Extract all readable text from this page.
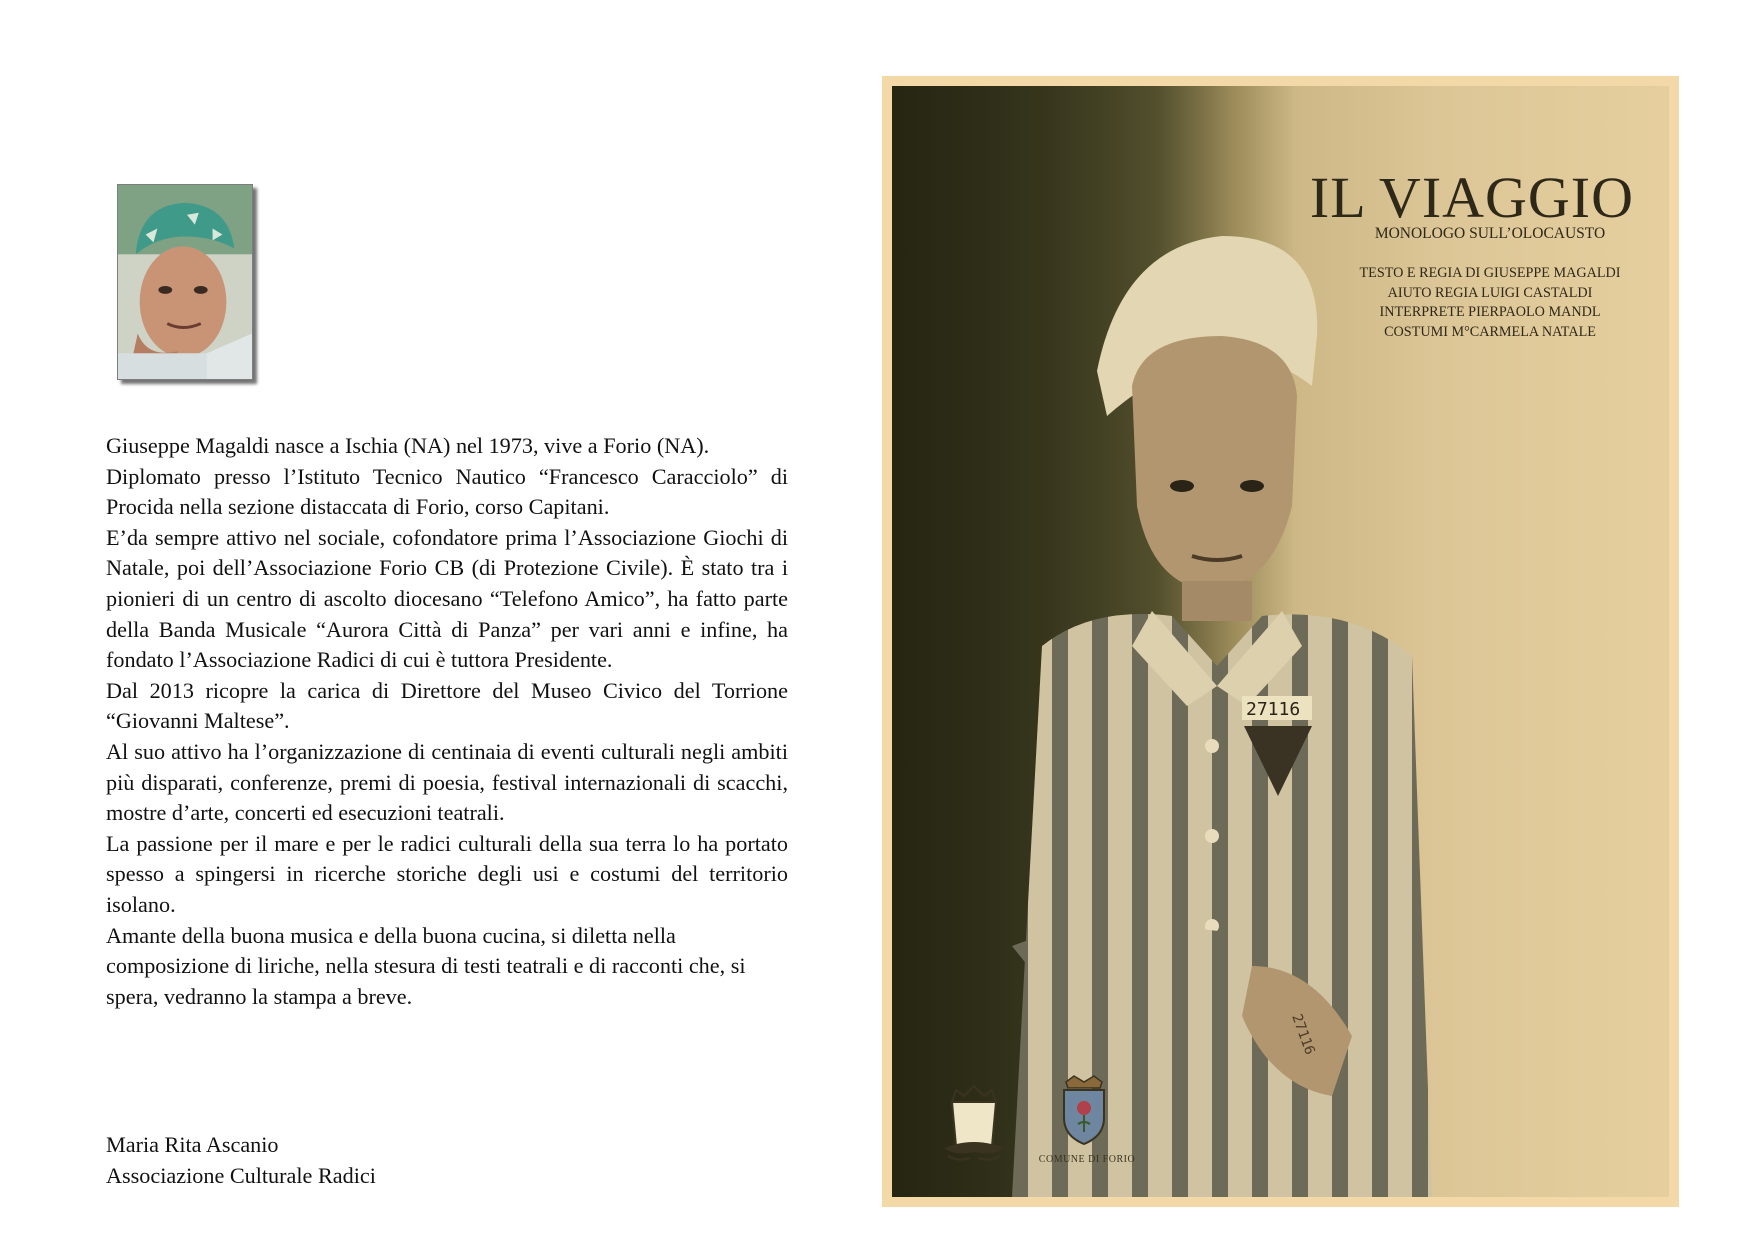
Giuseppe Magaldi nasce a Ischia (NA) nel 1973, vive a Forio (NA).

Diplomato presso l’Istituto Tecnico Nautico “Francesco Caracciolo” di Procida nella sezione distaccata di Forio, corso Capitani.

E’da sempre attivo nel sociale, cofondatore prima l’Associazione Giochi di Natale, poi dell’Associazione Forio CB (di Protezione Civile). È stato tra i pionieri di un centro di ascolto diocesano “Telefono Amico”, ha fatto parte della Banda Musicale “Aurora Città di Panza” per vari anni e infine, ha fondato l’Associazione Radici di cui è tuttora Presidente.

Dal 2013 ricopre la carica di Direttore del Museo Civico del Torrione “Giovanni Maltese”.

Al suo attivo ha l’organizzazione di centinaia di eventi culturali negli ambiti più disparati, conferenze, premi di poesia, festival internazionali di scacchi, mostre d’arte, concerti ed esecuzioni teatrali.

La passione per il mare e per le radici culturali della sua terra lo ha portato spesso a spingersi in ricerche storiche degli usi e costumi del territorio isolano.

Amante della buona musica e della buona cucina, si diletta nella composizione di liriche, nella stesura di testi teatrali e di racconti che, si spera, vedranno la stampa a breve.

Maria Rita Ascanio
Associazione Culturale Radici
27116
27116
IL VIAGGIO
MONOLOGO SULL’OLOCAUSTO
TESTO E REGIA DI GIUSEPPE MAGALDI
AIUTO REGIA LUIGI CASTALDI
INTERPRETE PIERPAOLO MANDL
COSTUMI M°CARMELA NATALE
COMUNE DI FORIO
